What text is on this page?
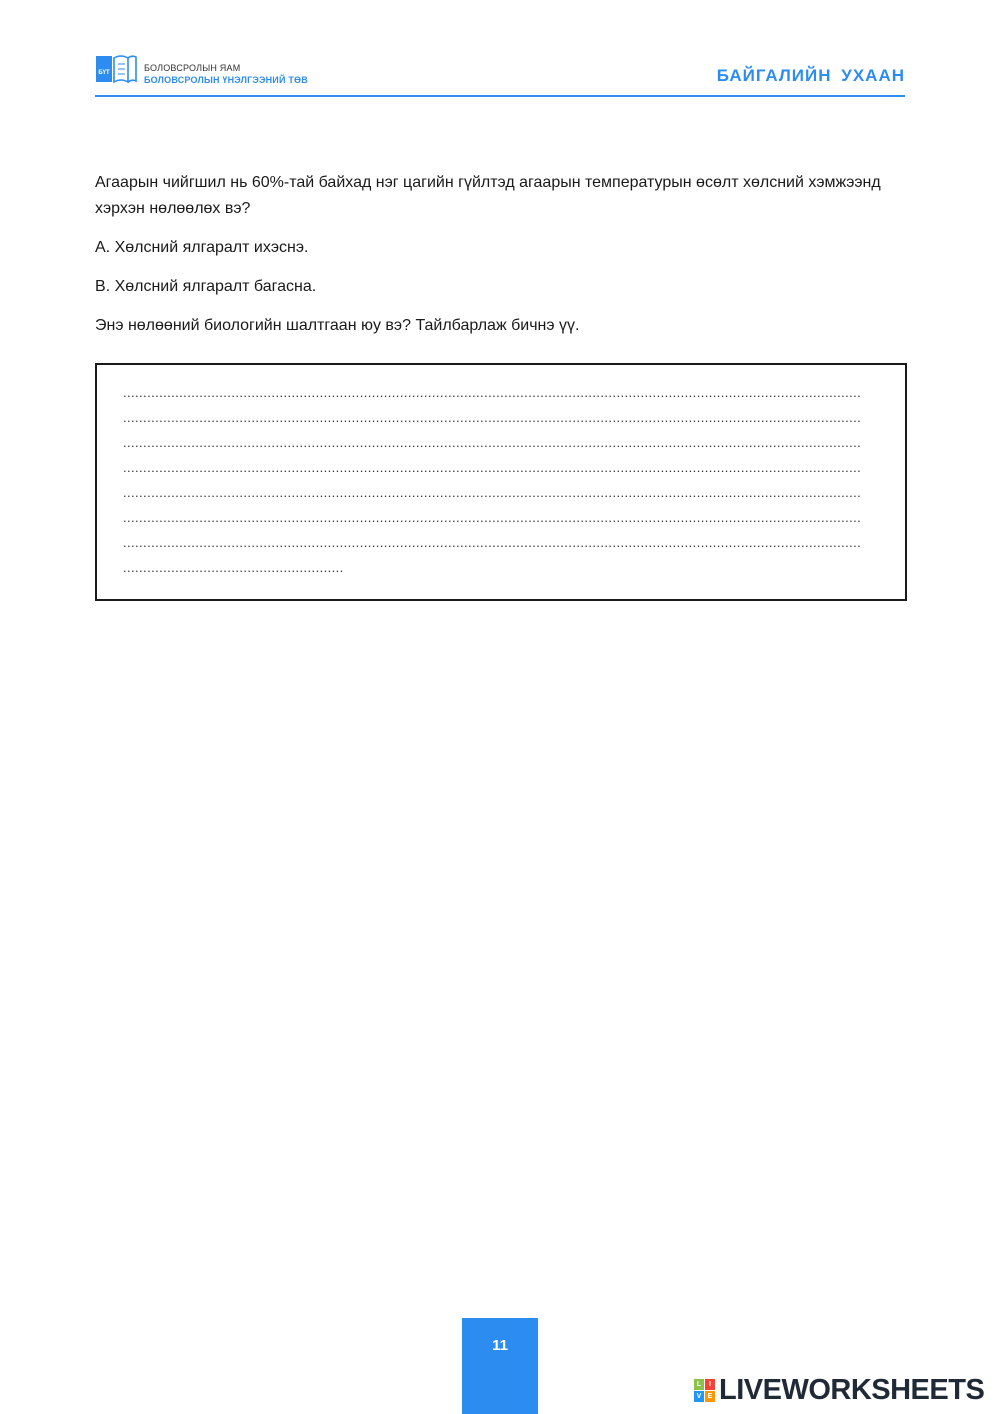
БҮТ	БОЛОВСРОЛЫН ЯАМ
БОЛОВСРОЛЫН ҮНЭЛГЭЭНИЙ ТӨВ	БАЙГАЛИЙН УХААН

Агаарын чийгшил нь 60%-тай байхад нэг цагийн гүйлтэд агаарын температурын өсөлт хөлсний хэмжээнд хэрхэн нөлөөлөх вэ?

A. Хөлсний ялгаралт ихэснэ.

B. Хөлсний ялгаралт багасна.

Энэ нөлөөний биологийн шалтгаан юу вэ? Тайлбарлаж бичнэ үү.

........................................................................................................................................................................................
........................................................................................................................................................................................
........................................................................................................................................................................................
........................................................................................................................................................................................
........................................................................................................................................................................................
........................................................................................................................................................................................
........................................................................................................................................................................................
.......................................................
11
L	I
V E LIVEWORKSHEETS
